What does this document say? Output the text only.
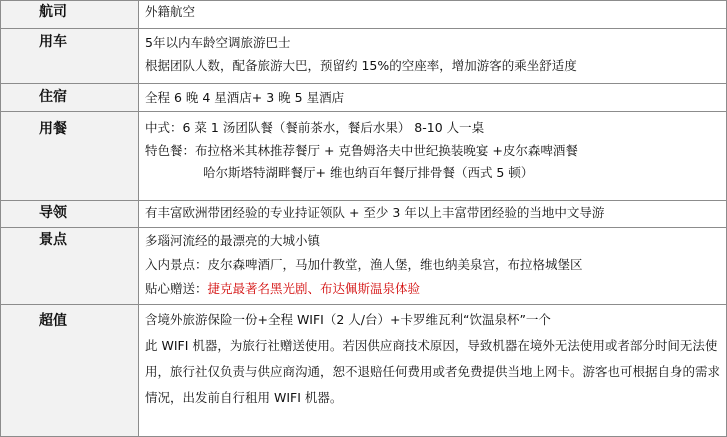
航司	外籍航空

用车	5年以内车龄空调旅游巴士
根据团队人数，配备旅游大巴，预留约 15%的空座率，增加游客的乘坐舒适度

住宿	全程 6 晚 4 星酒店+ 3 晚 5 星酒店

用餐	中式：6 菜 1 汤团队餐（餐前茶水，餐后水果） 8-10 人一桌
特色餐：布拉格米其林推荐餐厅 + 克鲁姆洛夫中世纪换装晚宴 +皮尔森啤酒餐
哈尔斯塔特湖畔餐厅+ 维也纳百年餐厅排骨餐（西式 5 顿）

导领	有丰富欧洲带团经验的专业持证领队 + 至少 3 年以上丰富带团经验的当地中文导游

景点	多瑙河流经的最漂亮的大城小镇
入内景点：皮尔森啤酒厂，马加什教堂，渔人堡，维也纳美泉宫，布拉格城堡区
贴心赠送：捷克最著名黑光剧、布达佩斯温泉体验

超值	含境外旅游保险一份+全程 WIFI（2 人/台）+卡罗维瓦利“饮温泉杯”一个
此 WIFI 机器，为旅行社赠送使用。若因供应商技术原因，导致机器在境外无法使用或者部分时间无法使用，旅行社仅负责与供应商沟通，恕不退赔任何费用或者免费提供当地上网卡。游客也可根据自身的需求情况，出发前自行租用 WIFI 机器。
